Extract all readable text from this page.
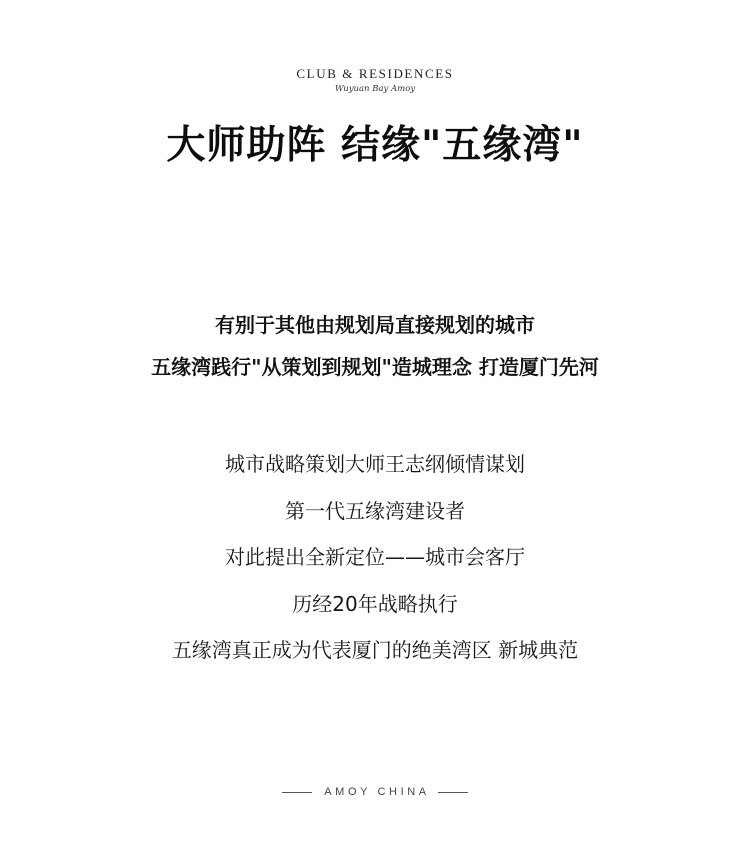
CLUB & RESIDENCES
Wuyuan Bay Amoy
大师助阵 结缘"五缘湾"
有别于其他由规划局直接规划的城市
五缘湾践行"从策划到规划"造城理念 打造厦门先河
城市战略策划大师王志纲倾情谋划
第一代五缘湾建设者
对此提出全新定位——城市会客厅
历经20年战略执行
五缘湾真正成为代表厦门的绝美湾区 新城典范
AMOY CHINA
